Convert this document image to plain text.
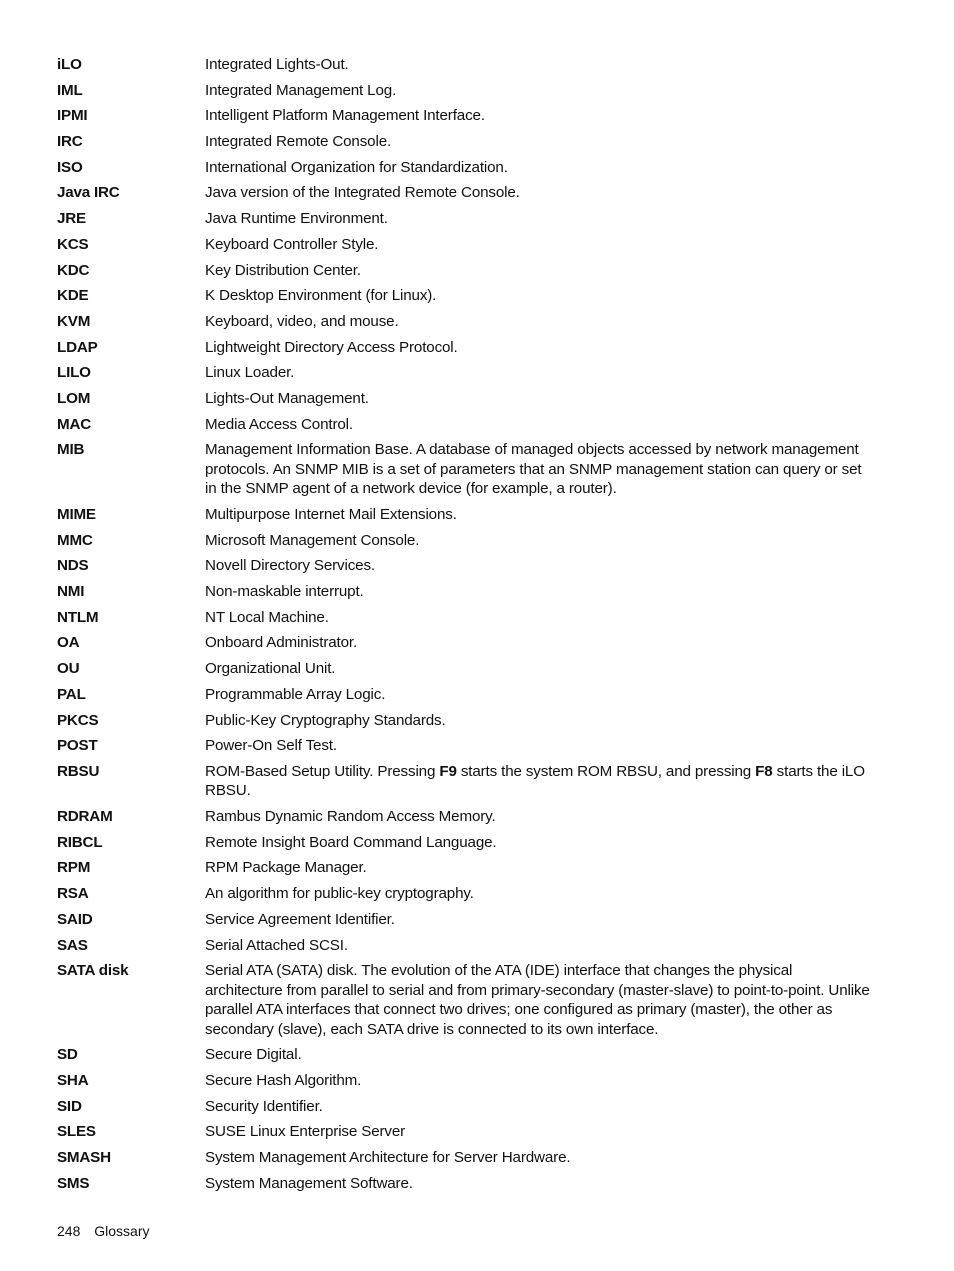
iLO	Integrated Lights-Out.
IML	Integrated Management Log.
IPMI	Intelligent Platform Management Interface.
IRC	Integrated Remote Console.
ISO	International Organization for Standardization.
Java IRC	Java version of the Integrated Remote Console.
JRE	Java Runtime Environment.
KCS	Keyboard Controller Style.
KDC	Key Distribution Center.
KDE	K Desktop Environment (for Linux).
KVM	Keyboard, video, and mouse.
LDAP	Lightweight Directory Access Protocol.
LILO	Linux Loader.
LOM	Lights-Out Management.
MAC	Media Access Control.
MIB	Management Information Base. A database of managed objects accessed by network management protocols. An SNMP MIB is a set of parameters that an SNMP management station can query or set in the SNMP agent of a network device (for example, a router).
MIME	Multipurpose Internet Mail Extensions.
MMC	Microsoft Management Console.
NDS	Novell Directory Services.
NMI	Non-maskable interrupt.
NTLM	NT Local Machine.
OA	Onboard Administrator.
OU	Organizational Unit.
PAL	Programmable Array Logic.
PKCS	Public-Key Cryptography Standards.
POST	Power-On Self Test.
RBSU	ROM-Based Setup Utility. Pressing F9 starts the system ROM RBSU, and pressing F8 starts the iLO RBSU.
RDRAM	Rambus Dynamic Random Access Memory.
RIBCL	Remote Insight Board Command Language.
RPM	RPM Package Manager.
RSA	An algorithm for public-key cryptography.
SAID	Service Agreement Identifier.
SAS	Serial Attached SCSI.
SATA disk	Serial ATA (SATA) disk. The evolution of the ATA (IDE) interface that changes the physical architecture from parallel to serial and from primary-secondary (master-slave) to point-to-point. Unlike parallel ATA interfaces that connect two drives; one configured as primary (master), the other as secondary (slave), each SATA drive is connected to its own interface.
SD	Secure Digital.
SHA	Secure Hash Algorithm.
SID	Security Identifier.
SLES	SUSE Linux Enterprise Server
SMASH	System Management Architecture for Server Hardware.
SMS	System Management Software.
248 Glossary
